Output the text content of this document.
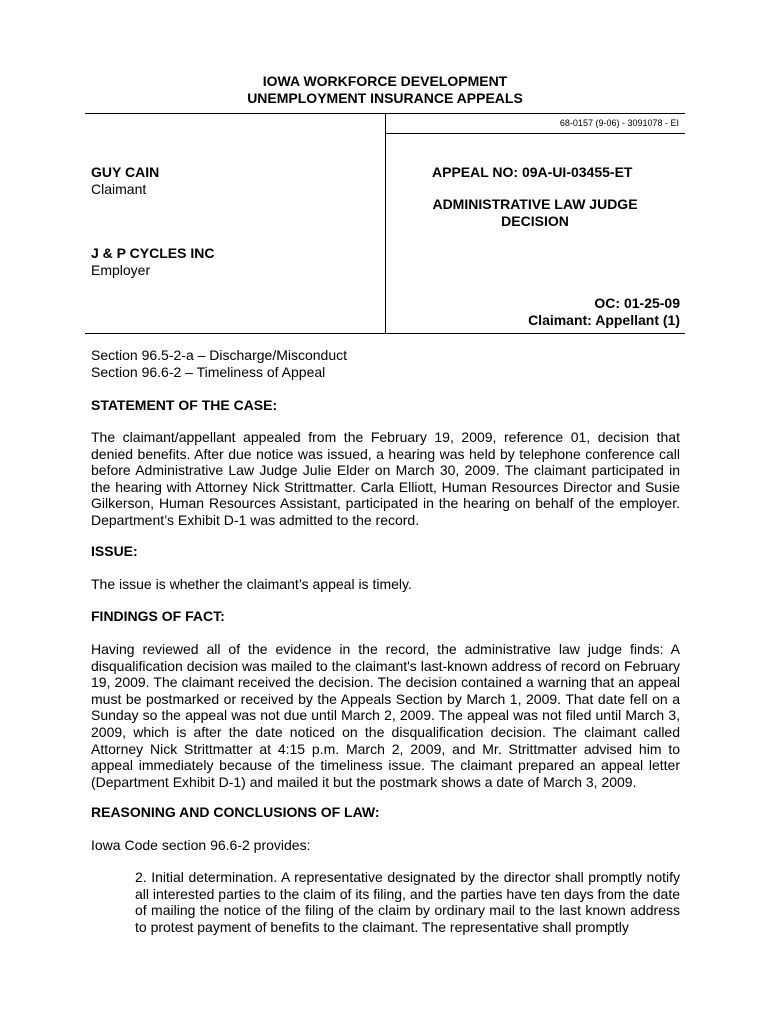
IOWA WORKFORCE DEVELOPMENT
UNEMPLOYMENT INSURANCE APPEALS
68-0157 (9-06) - 3091078 - EI
GUY CAIN
Claimant
J & P CYCLES INC
Employer
APPEAL NO: 09A-UI-03455-ET
ADMINISTRATIVE LAW JUDGE
DECISION
OC: 01-25-09
Claimant: Appellant (1)
Section 96.5-2-a – Discharge/Misconduct
Section 96.6-2 – Timeliness of Appeal
STATEMENT OF THE CASE:
The claimant/appellant appealed from the February 19, 2009, reference 01, decision that denied benefits. After due notice was issued, a hearing was held by telephone conference call before Administrative Law Judge Julie Elder on March 30, 2009. The claimant participated in the hearing with Attorney Nick Strittmatter. Carla Elliott, Human Resources Director and Susie Gilkerson, Human Resources Assistant, participated in the hearing on behalf of the employer. Department’s Exhibit D-1 was admitted to the record.
ISSUE:
The issue is whether the claimant’s appeal is timely.
FINDINGS OF FACT:
Having reviewed all of the evidence in the record, the administrative law judge finds: A disqualification decision was mailed to the claimant's last-known address of record on February 19, 2009. The claimant received the decision. The decision contained a warning that an appeal must be postmarked or received by the Appeals Section by March 1, 2009. That date fell on a Sunday so the appeal was not due until March 2, 2009. The appeal was not filed until March 3, 2009, which is after the date noticed on the disqualification decision. The claimant called Attorney Nick Strittmatter at 4:15 p.m. March 2, 2009, and Mr. Strittmatter advised him to appeal immediately because of the timeliness issue. The claimant prepared an appeal letter (Department Exhibit D-1) and mailed it but the postmark shows a date of March 3, 2009.
REASONING AND CONCLUSIONS OF LAW:
Iowa Code section 96.6-2 provides:
2. Initial determination. A representative designated by the director shall promptly notify all interested parties to the claim of its filing, and the parties have ten days from the date of mailing the notice of the filing of the claim by ordinary mail to the last known address to protest payment of benefits to the claimant. The representative shall promptly
